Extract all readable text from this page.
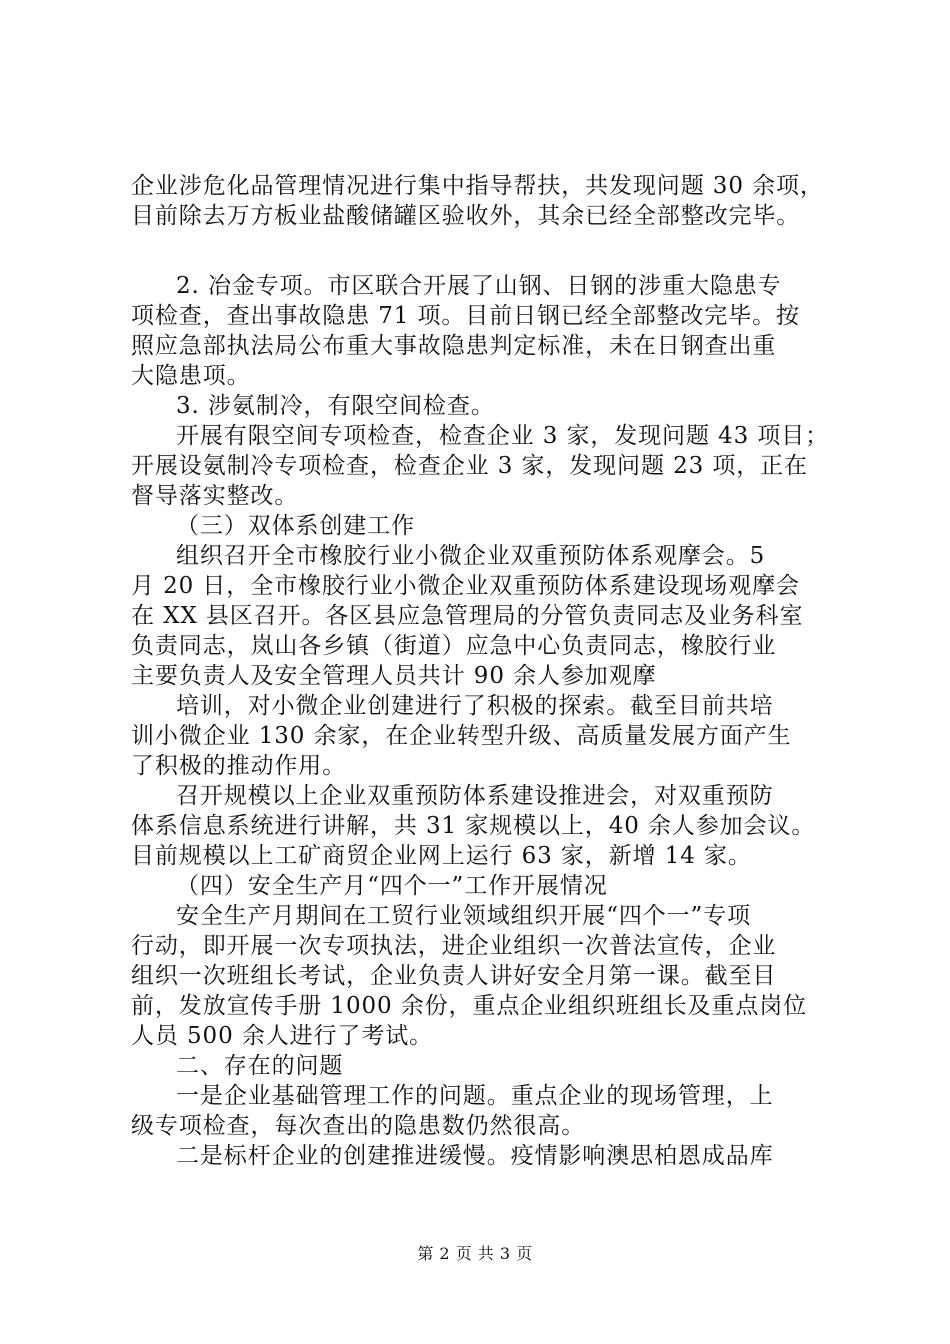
企业涉危化品管理情况进行集中指导帮扶，共发现问题 30 余项，
目前除去万方板业盐酸储罐区验收外，其余已经全部整改完毕。
2. 冶金专项。市区联合开展了山钢、日钢的涉重大隐患专
项检查，查出事故隐患 71 项。目前日钢已经全部整改完毕。按
照应急部执法局公布重大事故隐患判定标准，未在日钢查出重
大隐患项。
3. 涉氨制冷，有限空间检查。
开展有限空间专项检查，检查企业 3 家，发现问题 43 项目；
开展设氨制冷专项检查，检查企业 3 家，发现问题 23 项，正在
督导落实整改。
（三）双体系创建工作
组织召开全市橡胶行业小微企业双重预防体系观摩会。5
月 20 日，全市橡胶行业小微企业双重预防体系建设现场观摩会
在 XX 县区召开。各区县应急管理局的分管负责同志及业务科室
负责同志，岚山各乡镇（街道）应急中心负责同志，橡胶行业
主要负责人及安全管理人员共计 90 余人参加观摩
培训，对小微企业创建进行了积极的探索。截至目前共培
训小微企业 130 余家，在企业转型升级、高质量发展方面产生
了积极的推动作用。
召开规模以上企业双重预防体系建设推进会，对双重预防
体系信息系统进行讲解，共 31 家规模以上，40 余人参加会议。
目前规模以上工矿商贸企业网上运行 63 家，新增 14 家。
（四）安全生产月“四个一”工作开展情况
安全生产月期间在工贸行业领域组织开展“四个一”专项
行动，即开展一次专项执法，进企业组织一次普法宣传，企业
组织一次班组长考试，企业负责人讲好安全月第一课。截至目
前，发放宣传手册 1000 余份，重点企业组织班组长及重点岗位
人员 500 余人进行了考试。
二、存在的问题
一是企业基础管理工作的问题。重点企业的现场管理，上
级专项检查，每次查出的隐患数仍然很高。
二是标杆企业的创建推进缓慢。疫情影响澳思柏恩成品库
第 2 页 共 3 页
